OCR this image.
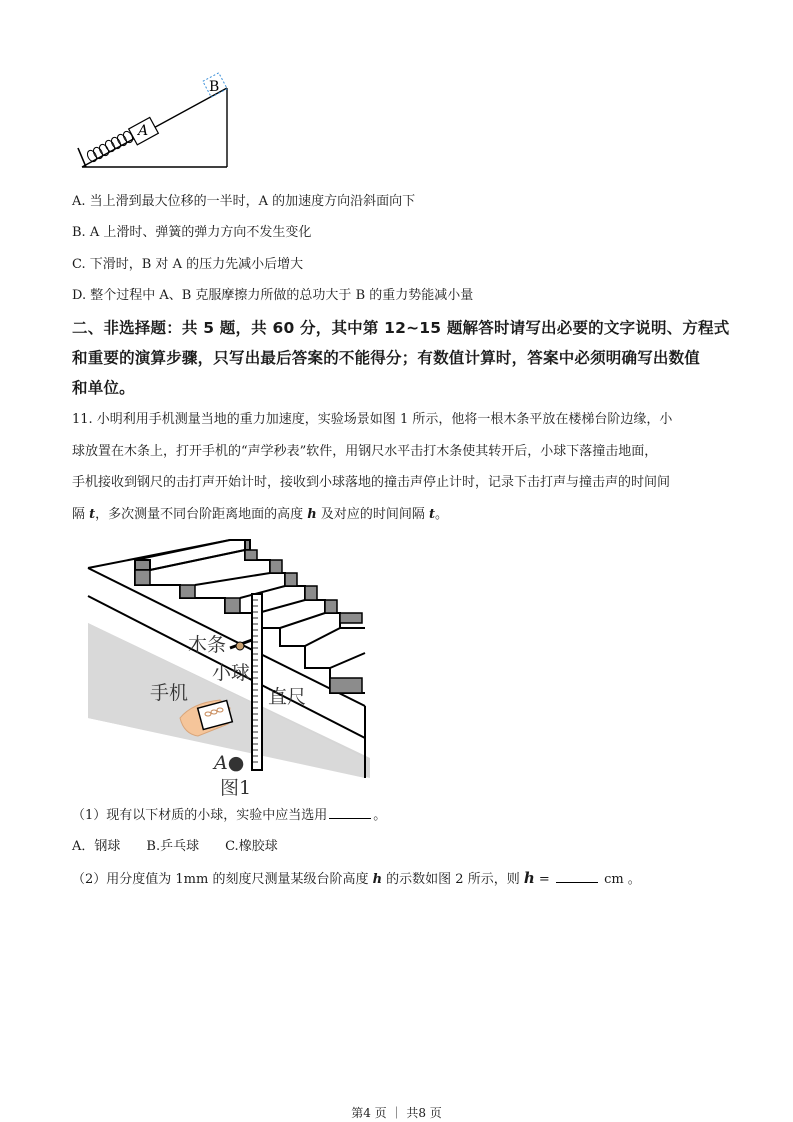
A
B
A. 当上滑到最大位移的一半时，A 的加速度方向沿斜面向下
B. A 上滑时、弹簧的弹力方向不发生变化
C. 下滑时，B 对 A 的压力先减小后增大
D. 整个过程中 A、B 克服摩擦力所做的总功大于 B 的重力势能减小量
二、非选择题：共 5 题，共 60 分，其中第 12~15 题解答时请写出必要的文字说明、方程式
和重要的演算步骤，只写出最后答案的不能得分；有数值计算时，答案中必须明确写出数值
和单位。
11. 小明利用手机测量当地的重力加速度，实验场景如图 1 所示，他将一根木条平放在楼梯台阶边缘，小
球放置在木条上，打开手机的“声学秒表”软件，用钢尺水平击打木条使其转开后，小球下落撞击地面，
手机接收到钢尺的击打声开始计时，接收到小球落地的撞击声停止计时，记录下击打声与撞击声的时间间
隔 t，多次测量不同台阶距离地面的高度 h 及对应的时间间隔 t。
木条
小球
手机	直尺
A●
图1
（1）现有以下材质的小球，实验中应当选用	。
A．钢球　　B.乒乓球　　C.橡胶球
（2）用分度值为 1mm 的刻度尺测量某级台阶高度 h 的示数如图 2 所示，则 h =	cm 。
第4 页 ｜ 共8 页
